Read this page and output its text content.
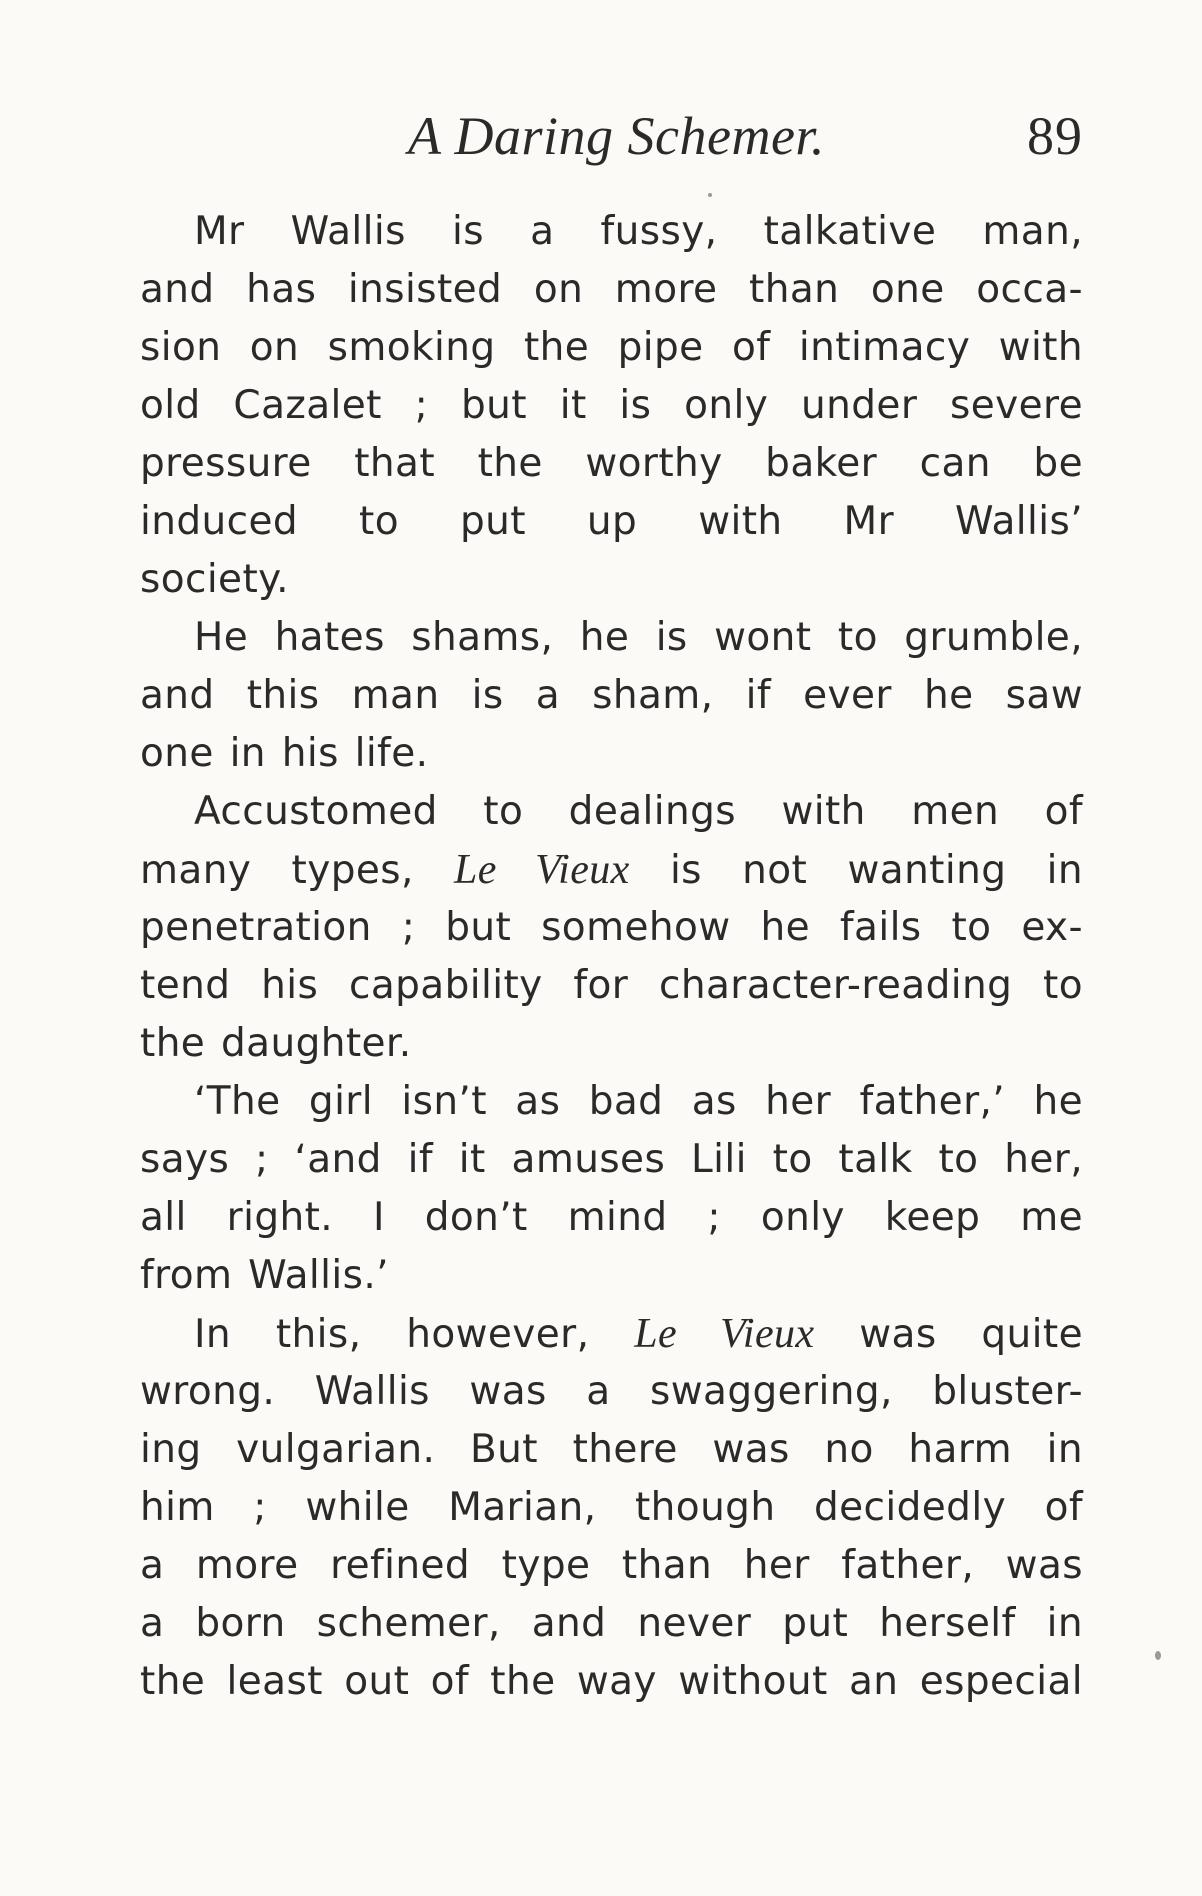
A Daring Schemer.	89
Mr Wallis is a fussy, talkative man,
and has insisted on more than one occa-
sion on smoking the pipe of intimacy with
old Cazalet ; but it is only under severe
pressure that the worthy baker can be
induced to put up with Mr Wallis’
society.
He hates shams, he is wont to grumble,
and this man is a sham, if ever he saw
one in his life.
Accustomed to dealings with men of
many types, Le Vieux is not wanting in
penetration ; but somehow he fails to ex-
tend his capability for character-reading to
the daughter.
‘The girl isn’t as bad as her father,’ he
says ; ‘and if it amuses Lili to talk to her,
all right. I don’t mind ; only keep me
from Wallis.’
In this, however, Le Vieux was quite
wrong. Wallis was a swaggering, bluster-
ing vulgarian. But there was no harm in
him ; while Marian, though decidedly of
a more refined type than her father, was
a born schemer, and never put herself in
the least out of the way without an especial
